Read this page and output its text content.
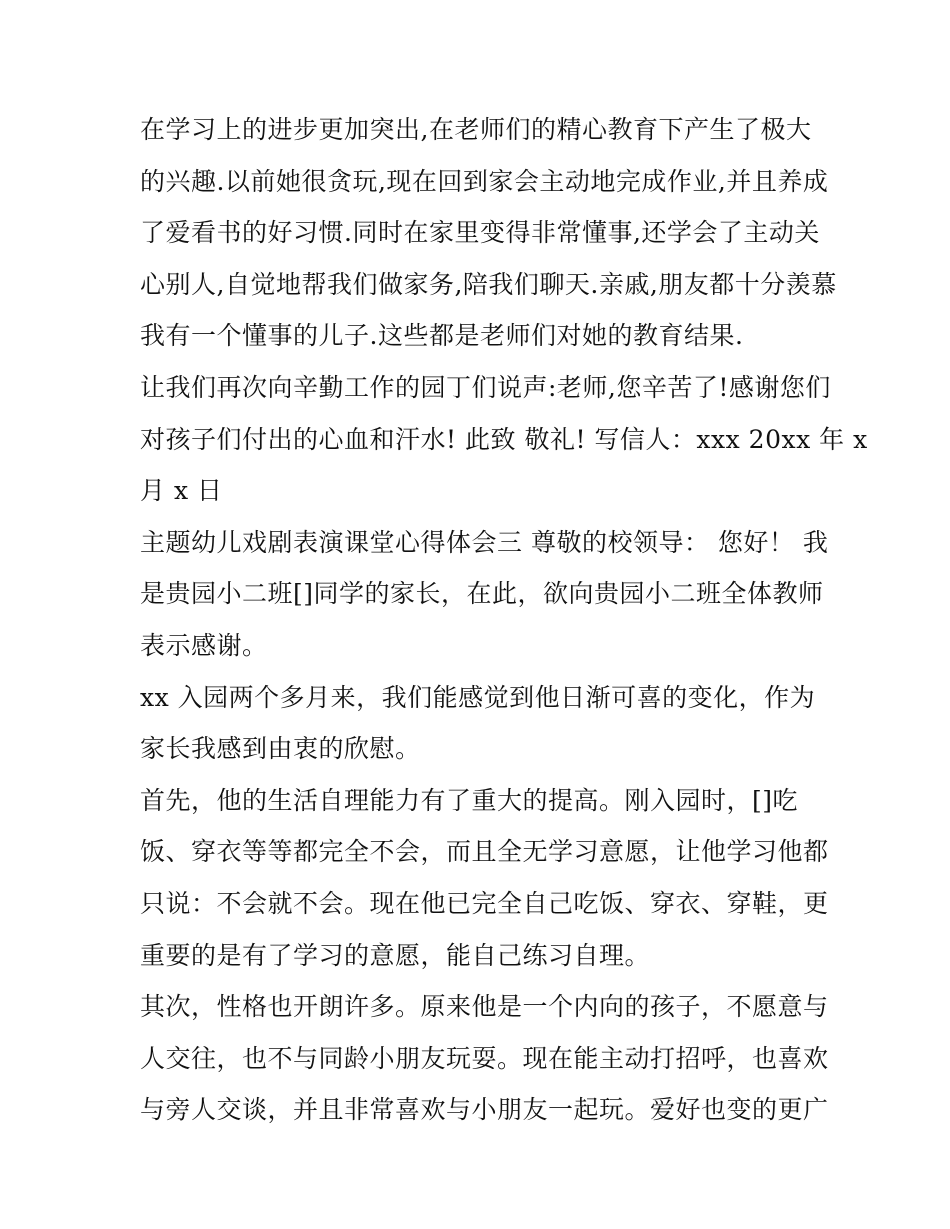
在学习上的进步更加突出,在老师们的精心教育下产生了极大
的兴趣.以前她很贪玩,现在回到家会主动地完成作业,并且养成
了爱看书的好习惯.同时在家里变得非常懂事,还学会了主动关
心别人,自觉地帮我们做家务,陪我们聊天.亲戚,朋友都十分羡慕
我有一个懂事的儿子.这些都是老师们对她的教育结果.
让我们再次向辛勤工作的园丁们说声:老师,您辛苦了!感谢您们
对孩子们付出的心血和汗水! 此致 敬礼! 写信人：xxx 20xx 年 x
月 x 日
主题幼儿戏剧表演课堂心得体会三 尊敬的校领导： 您好！ 我
是贵园小二班[]同学的家长，在此，欲向贵园小二班全体教师
表示感谢。
xx 入园两个多月来，我们能感觉到他日渐可喜的变化，作为
家长我感到由衷的欣慰。
首先，他的生活自理能力有了重大的提高。刚入园时，[]吃
饭、穿衣等等都完全不会，而且全无学习意愿，让他学习他都
只说：不会就不会。现在他已完全自己吃饭、穿衣、穿鞋，更
重要的是有了学习的意愿，能自己练习自理。
其次，性格也开朗许多。原来他是一个内向的孩子，不愿意与
人交往，也不与同龄小朋友玩耍。现在能主动打招呼，也喜欢
与旁人交谈，并且非常喜欢与小朋友一起玩。爱好也变的更广
